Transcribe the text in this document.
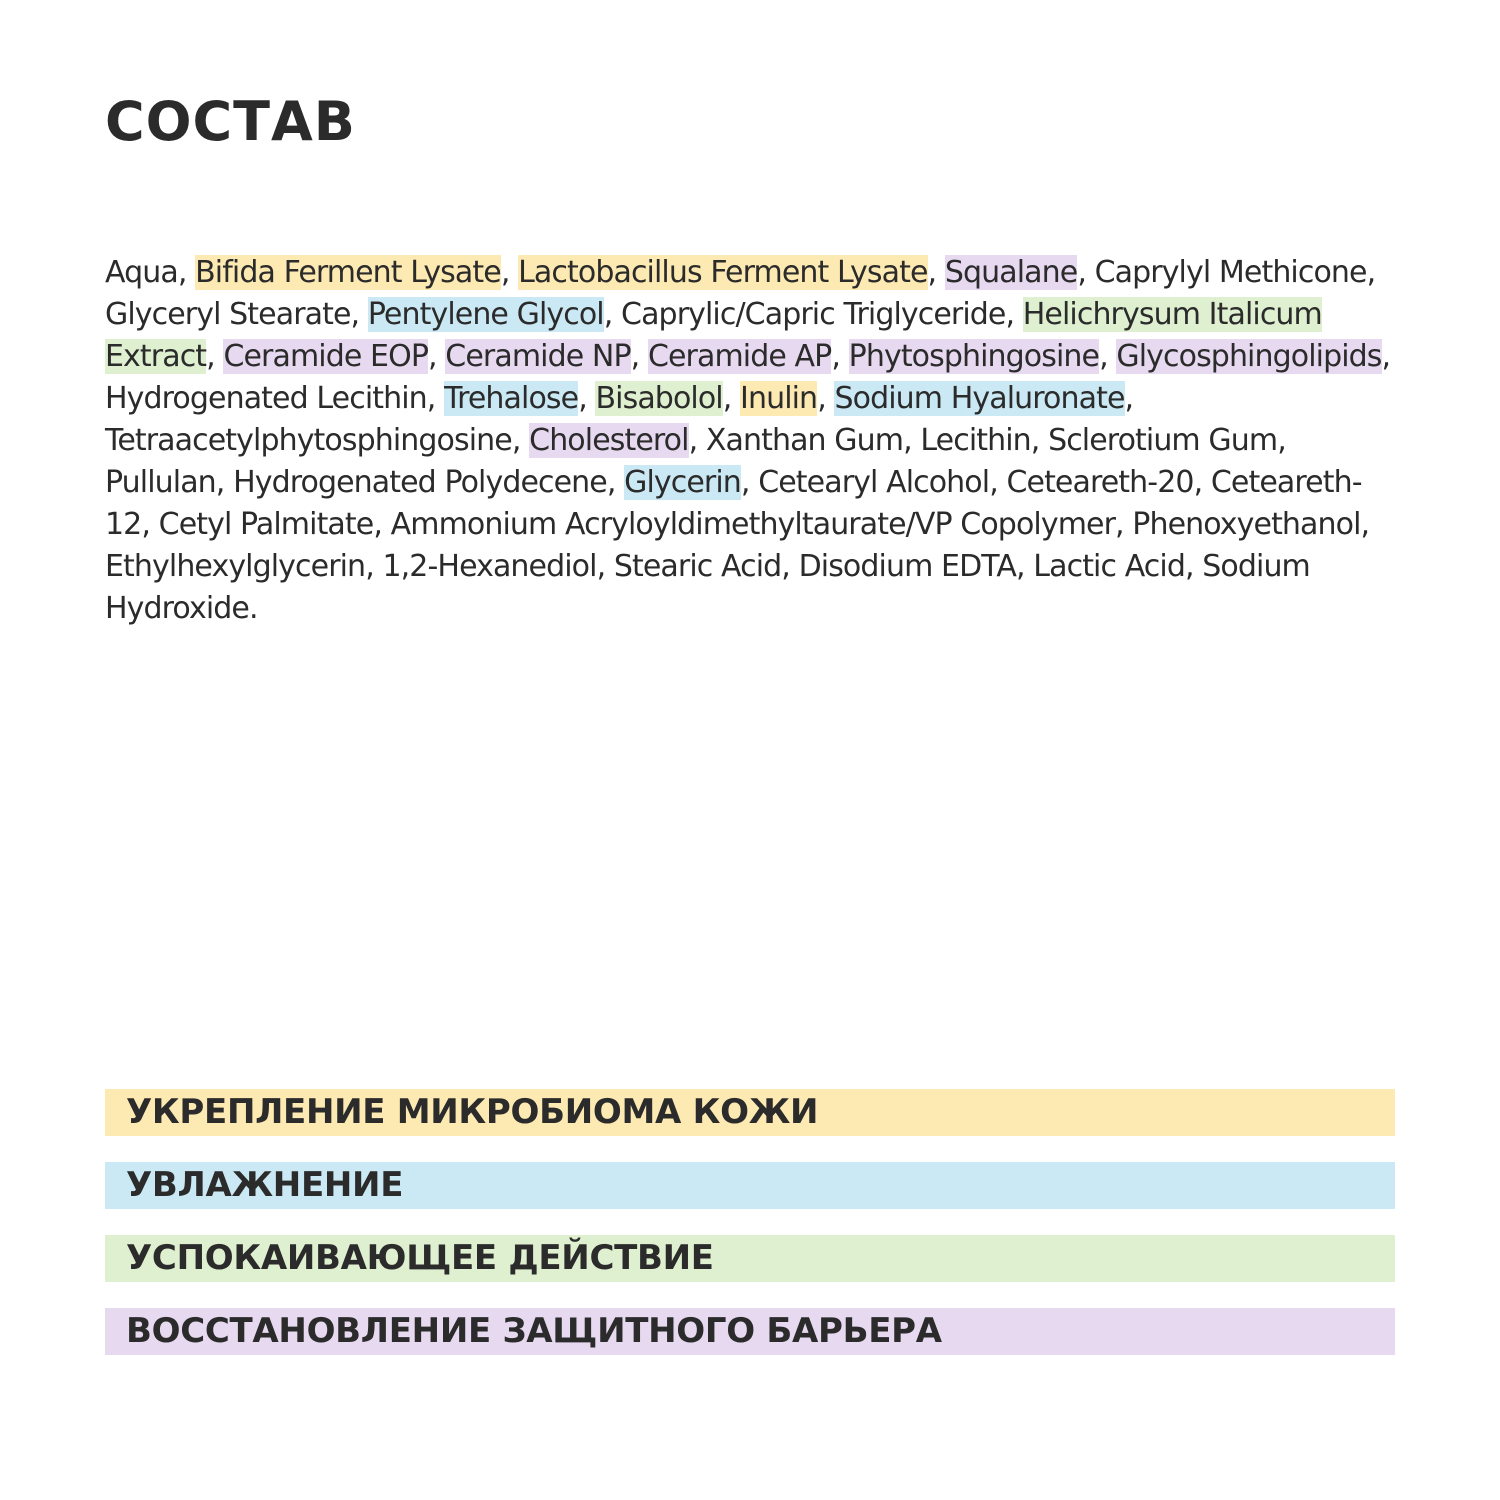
СОСТАВ

Aqua, Bifida Ferment Lysate, Lactobacillus Ferment Lysate, Squalane, Caprylyl Methicone, Glyceryl Stearate, Pentylene Glycol, Caprylic/Capric Triglyceride, Helichrysum Italicum Extract, Ceramide EOP, Ceramide NP, Ceramide AP, Phytosphingosine, Glycosphingolipids, Hydrogenated Lecithin, Trehalose, Bisabolol, Inulin, Sodium Hyaluronate, Tetraacetylphytosphingosine, Cholesterol, Xanthan Gum, Lecithin, Sclerotium Gum, Pullulan, Hydrogenated Polydecene, Glycerin, Cetearyl Alcohol, Ceteareth-20, Ceteareth-12, Cetyl Palmitate, Ammonium Acryloyldimethyltaurate/VP Copolymer, Phenoxyethanol, Ethylhexylglycerin, 1,2-Hexanediol, Stearic Acid, Disodium EDTA, Lactic Acid, Sodium Hydroxide.

УКРЕПЛЕНИЕ МИКРОБИОМА КОЖИ
УВЛАЖНЕНИЕ
УСПОКАИВАЮЩЕЕ ДЕЙСТВИЕ
ВОССТАНОВЛЕНИЕ ЗАЩИТНОГО БАРЬЕРА
